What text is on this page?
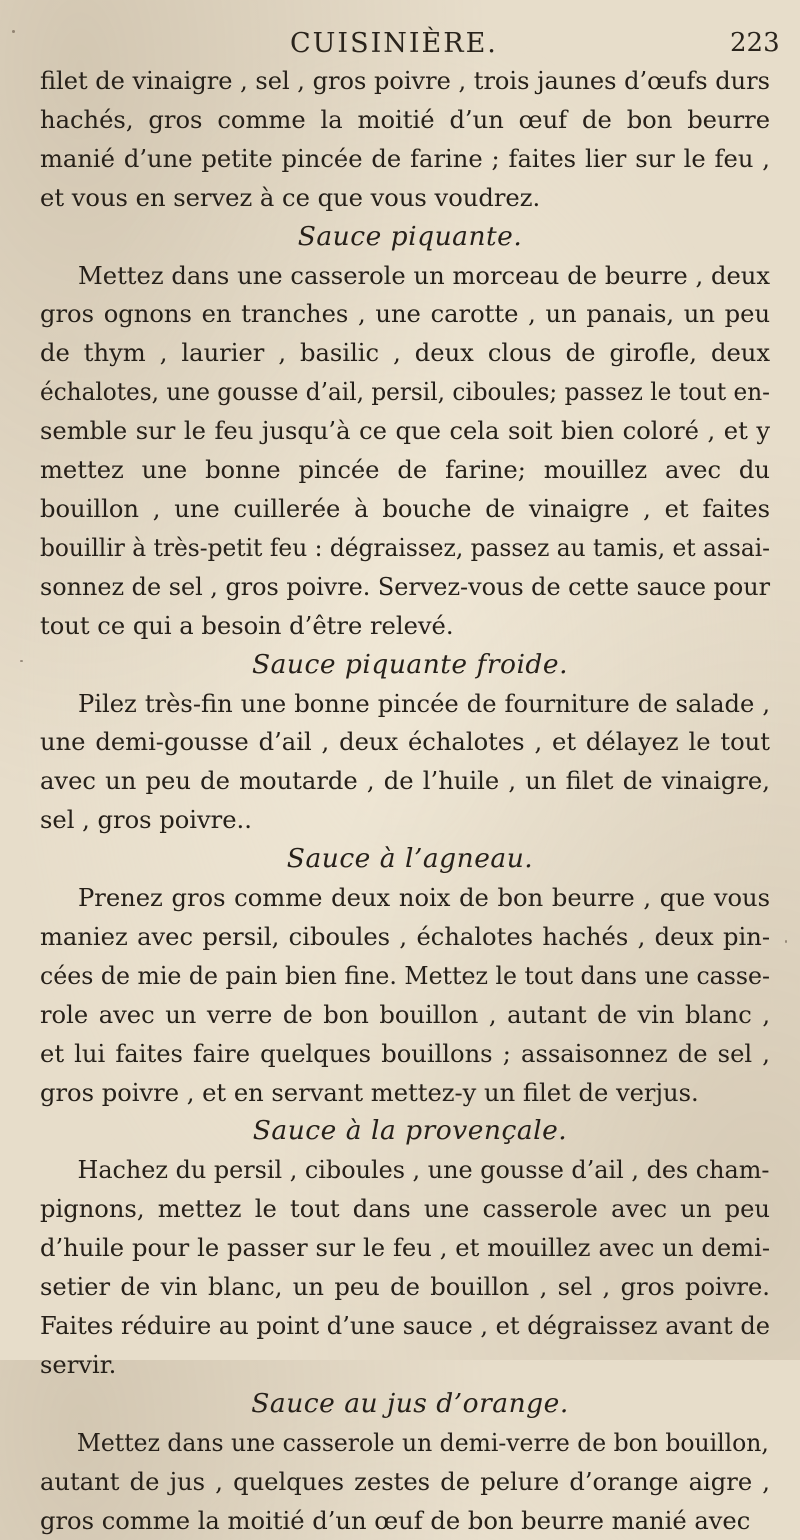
CUISINIÈRE.	223

filet de vinaigre , sel , gros poivre , trois jaunes d’œufs durs
hachés, gros comme la moitié d’un œuf de bon beurre
manié d’une petite pincée de farine ; faites lier sur le feu ,
et vous en servez à ce que vous voudrez.

Sauce piquante.

Mettez dans une casserole un morceau de beurre , deux
gros ognons en tranches , une carotte , un panais, un peu
de thym , laurier , basilic , deux clous de girofle, deux
échalotes, une gousse d’ail, persil, ciboules; passez le tout en-
semble sur le feu jusqu’à ce que cela soit bien coloré , et y
mettez une bonne pincée de farine; mouillez avec du
bouillon , une cuillerée à bouche de vinaigre , et faites
bouillir à très-petit feu : dégraissez, passez au tamis, et assai-
sonnez de sel , gros poivre. Servez-vous de cette sauce pour
tout ce qui a besoin d’être relevé.

Sauce piquante froide.

Pilez très-fin une bonne pincée de fourniture de salade ,
une demi-gousse d’ail , deux échalotes , et délayez le tout
avec un peu de moutarde , de l’huile , un filet de vinaigre,
sel , gros poivre..

Sauce à l’agneau.

Prenez gros comme deux noix de bon beurre , que vous
maniez avec persil, ciboules , échalotes hachés , deux pin-
cées de mie de pain bien fine. Mettez le tout dans une casse-
role avec un verre de bon bouillon , autant de vin blanc ,
et lui faites faire quelques bouillons ; assaisonnez de sel ,
gros poivre , et en servant mettez-y un filet de verjus.

Sauce à la provençale.

Hachez du persil , ciboules , une gousse d’ail , des cham-
pignons, mettez le tout dans une casserole avec un peu
d’huile pour le passer sur le feu , et mouillez avec un demi-
setier de vin blanc, un peu de bouillon , sel , gros poivre.
Faites réduire au point d’une sauce , et dégraissez avant de
servir.

Sauce au jus d’orange.

Mettez dans une casserole un demi-verre de bon bouillon,
autant de jus , quelques zestes de pelure d’orange aigre ,
gros comme la moitié d’un œuf de bon beurre manié avec
